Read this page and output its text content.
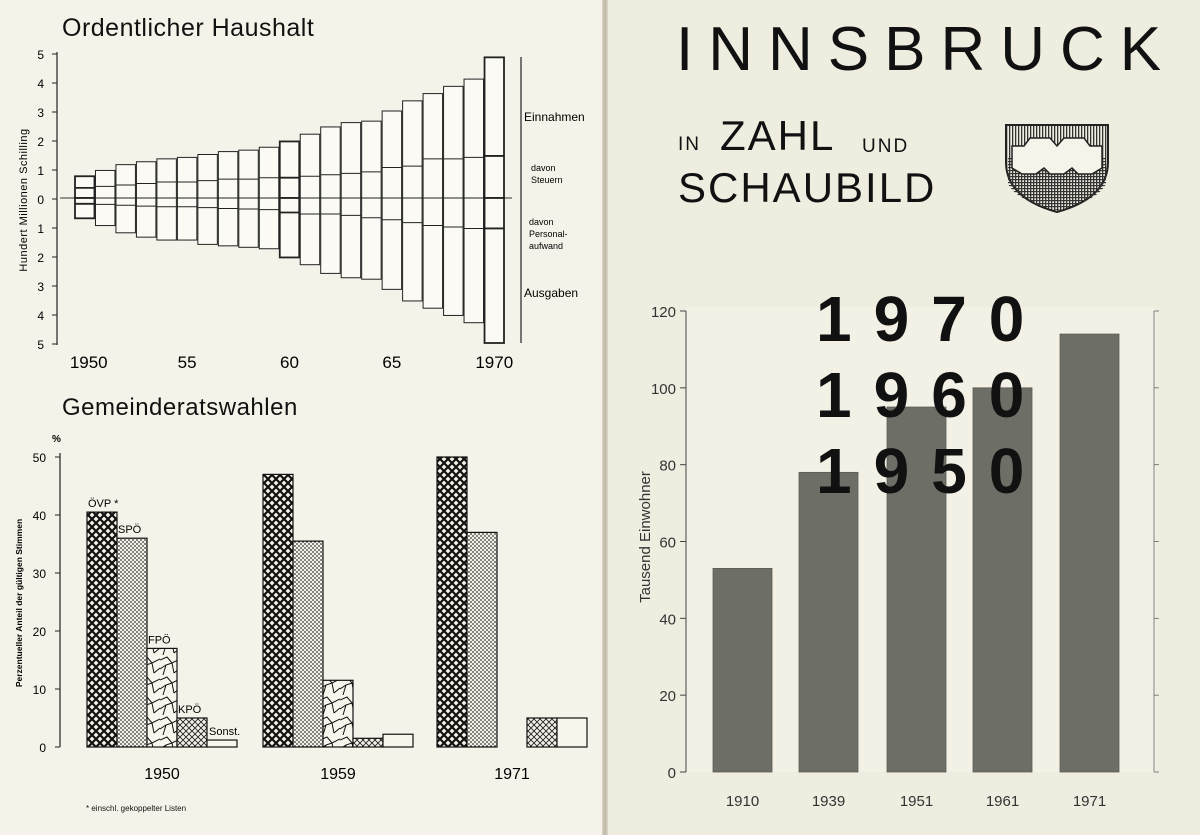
Ordentlicher Haushalt
5
4
3
2
1
0
1
2
3
4
5
Hundert Millionen Schilling
1950	55	60	65	1970
Einnahmen
davon
Steuern
davon
Personal-
aufwand
Ausgaben
Gemeinderatswahlen
0
10
20
30
40
50
%
Perzentueller Anteil der gültigen Stimmen
ÖVP *
SPÖ
FPÖ
KPÖ
Sonst.
1950	1959	1971
* einschl. gekoppelter Listen
INNSBRUCK
IN ZAHL UND
SCHAUBILD
0
20
40
60
80
100
120
Tausend Einwohner
1910	1939	1951	1961	1971
1970
1960
1950
